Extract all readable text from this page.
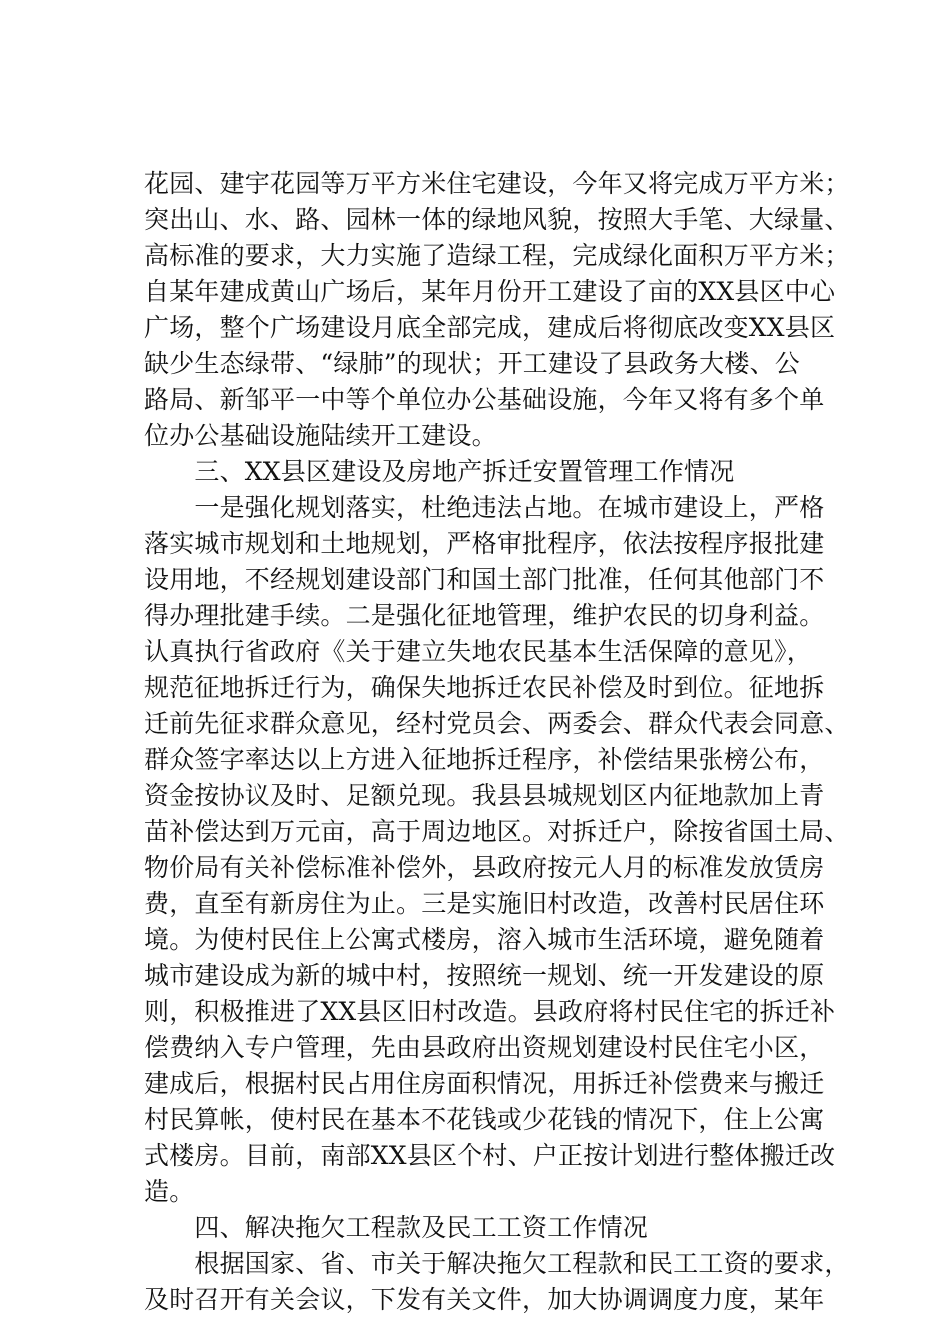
花园、建宇花园等万平方米住宅建设，今年又将完成万平方米；
突出山、水、路、园林一体的绿地风貌，按照大手笔、大绿量、
高标准的要求，大力实施了造绿工程，完成绿化面积万平方米；
自某年建成黄山广场后，某年月份开工建设了亩的XX县区中心
广场，整个广场建设月底全部完成，建成后将彻底改变XX县区
缺少生态绿带、“绿肺”的现状；开工建设了县政务大楼、公
路局、新邹平一中等个单位办公基础设施，今年又将有多个单
位办公基础设施陆续开工建设。
　　三、XX县区建设及房地产拆迁安置管理工作情况
　　一是强化规划落实，杜绝违法占地。在城市建设上，严格
落实城市规划和土地规划，严格审批程序，依法按程序报批建
设用地，不经规划建设部门和国土部门批准，任何其他部门不
得办理批建手续。二是强化征地管理，维护农民的切身利益。
认真执行省政府《关于建立失地农民基本生活保障的意见》，
规范征地拆迁行为，确保失地拆迁农民补偿及时到位。征地拆
迁前先征求群众意见，经村党员会、两委会、群众代表会同意、
群众签字率达以上方进入征地拆迁程序，补偿结果张榜公布，
资金按协议及时、足额兑现。我县县城规划区内征地款加上青
苗补偿达到万元亩，高于周边地区。对拆迁户，除按省国土局、
物价局有关补偿标准补偿外，县政府按元人月的标准发放赁房
费，直至有新房住为止。三是实施旧村改造，改善村民居住环
境。为使村民住上公寓式楼房，溶入城市生活环境，避免随着
城市建设成为新的城中村，按照统一规划、统一开发建设的原
则，积极推进了XX县区旧村改造。县政府将村民住宅的拆迁补
偿费纳入专户管理，先由县政府出资规划建设村民住宅小区，
建成后，根据村民占用住房面积情况，用拆迁补偿费来与搬迁
村民算帐，使村民在基本不花钱或少花钱的情况下，住上公寓
式楼房。目前，南部XX县区个村、户正按计划进行整体搬迁改
造。
　　四、解决拖欠工程款及民工工资工作情况
　　根据国家、省、市关于解决拖欠工程款和民工工资的要求，
及时召开有关会议，下发有关文件，加大协调调度力度，某年
